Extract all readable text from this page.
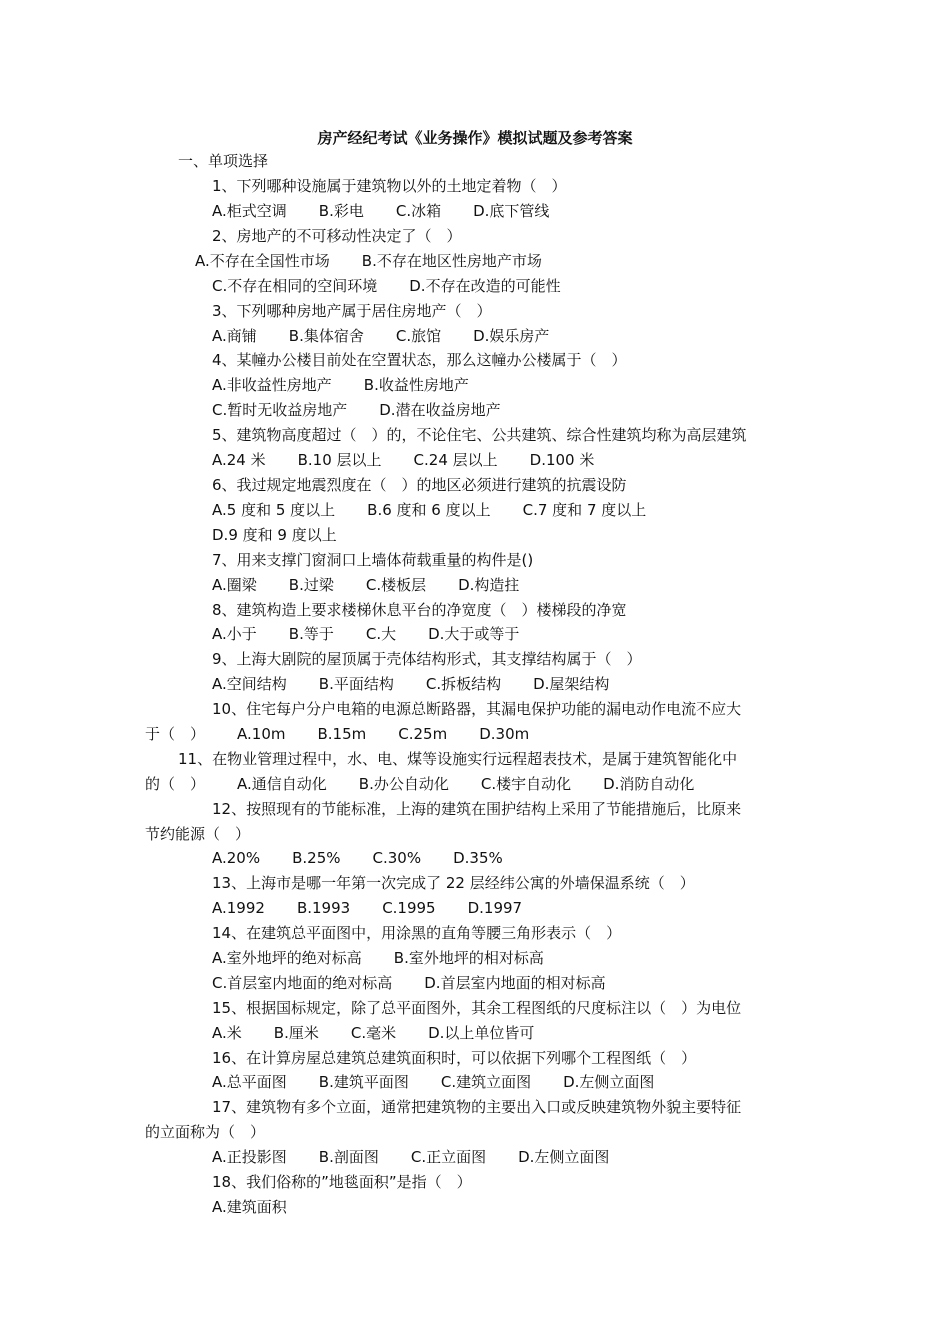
房产经纪考试《业务操作》模拟试题及参考答案
一、单项选择
1、下列哪种设施属于建筑物以外的土地定着物（　）
A.柜式空调 B.彩电 C.冰箱 D.底下管线
2、房地产的不可移动性决定了（　）
A.不存在全国性市场 B.不存在地区性房地产市场
C.不存在相同的空间环境 D.不存在改造的可能性
3、下列哪种房地产属于居住房地产（　）
A.商铺 B.集体宿舍 C.旅馆 D.娱乐房产
4、某幢办公楼目前处在空置状态，那么这幢办公楼属于（　）
A.非收益性房地产 B.收益性房地产
C.暂时无收益房地产 D.潜在收益房地产
5、建筑物高度超过（　）的，不论住宅、公共建筑、综合性建筑均称为高层建筑
A.24 米 B.10 层以上 C.24 层以上 D.100 米
6、我过规定地震烈度在（　）的地区必须进行建筑的抗震设防
A.5 度和 5 度以上 B.6 度和 6 度以上 C.7 度和 7 度以上
D.9 度和 9 度以上
7、用来支撑门窗洞口上墙体荷载重量的构件是()
A.圈梁 B.过梁 C.楼板层 D.构造拄
8、建筑构造上要求楼梯休息平台的净宽度（　）楼梯段的净宽
A.小于 B.等于 C.大 D.大于或等于
9、上海大剧院的屋顶属于壳体结构形式，其支撑结构属于（　）
A.空间结构 B.平面结构 C.拆板结构 D.屋架结构
10、住宅每户分户电箱的电源总断路器，其漏电保护功能的漏电动作电流不应大
于（　） A.10m B.15m C.25m D.30m
11、在物业管理过程中，水、电、煤等设施实行远程超表技术，是属于建筑智能化中
的（　） A.通信自动化 B.办公自动化 C.楼宇自动化 D.消防自动化
12、按照现有的节能标准，上海的建筑在围护结构上采用了节能措施后，比原来
节约能源（　）
A.20% B.25% C.30% D.35%
13、上海市是哪一年第一次完成了 22 层经纬公寓的外墙保温系统（　）
A.1992 B.1993 C.1995 D.1997
14、在建筑总平面图中，用涂黑的直角等腰三角形表示（　）
A.室外地坪的绝对标高 B.室外地坪的相对标高
C.首层室内地面的绝对标高 D.首层室内地面的相对标高
15、根据国标规定，除了总平面图外，其余工程图纸的尺度标注以（　）为电位
A.米 B.厘米 C.毫米 D.以上单位皆可
16、在计算房屋总建筑总建筑面积时，可以依据下列哪个工程图纸（　）
A.总平面图 B.建筑平面图 C.建筑立面图 D.左侧立面图
17、建筑物有多个立面，通常把建筑物的主要出入口或反映建筑物外貌主要特征
的立面称为（　）
A.正投影图 B.剖面图 C.正立面图 D.左侧立面图
18、我们俗称的”地毯面积”是指（　）
A.建筑面积
